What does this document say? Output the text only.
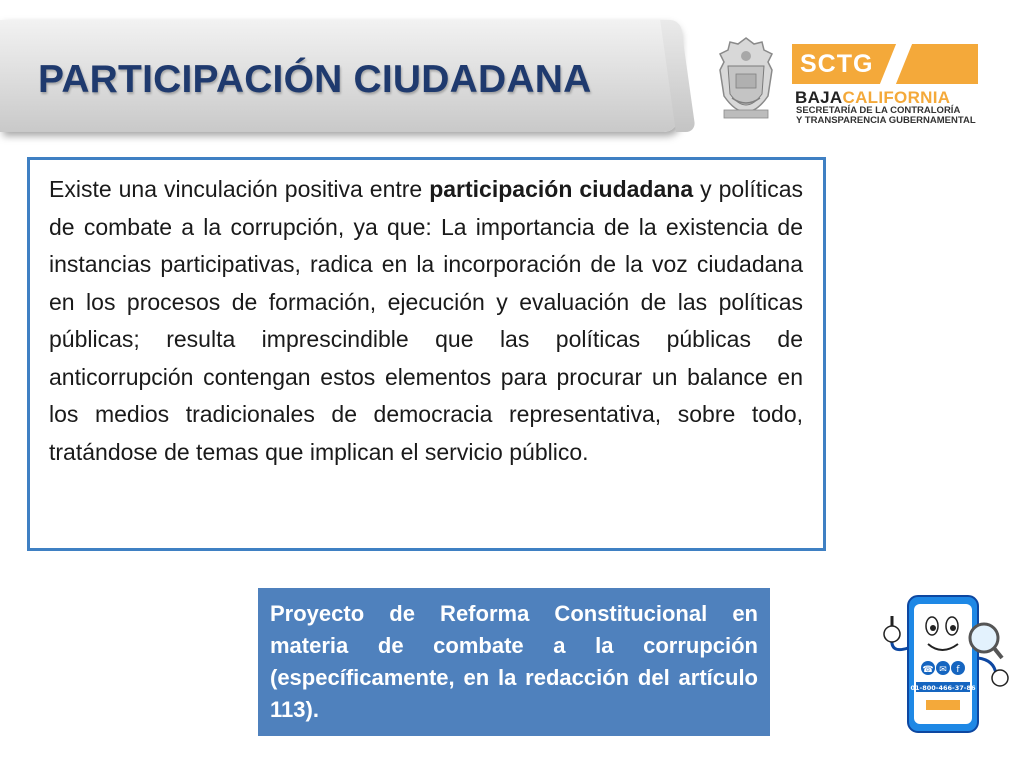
PARTICIPACIÓN CIUDADANA	SCTG
BAJACALIFORNIA
SECRETARÍA DE LA CONTRALORÍA
Y TRANSPARENCIA GUBERNAMENTAL

Existe una vinculación positiva entre participación ciudadana y políticas de combate a la corrupción, ya que: La importancia de la existencia de instancias participativas, radica en la incorporación de la voz ciudadana en los procesos de formación, ejecución y evaluación de las políticas públicas; resulta imprescindible que las políticas públicas de anticorrupción contengan estos elementos para procurar un balance en los medios tradicionales de democracia representativa, sobre todo, tratándose de temas que implican el servicio público.

Proyecto de Reforma Constitucional en materia de combate a la corrupción (específicamente, en la redacción del artículo 113).

☎ ✉ f
01-800-466-37-86
